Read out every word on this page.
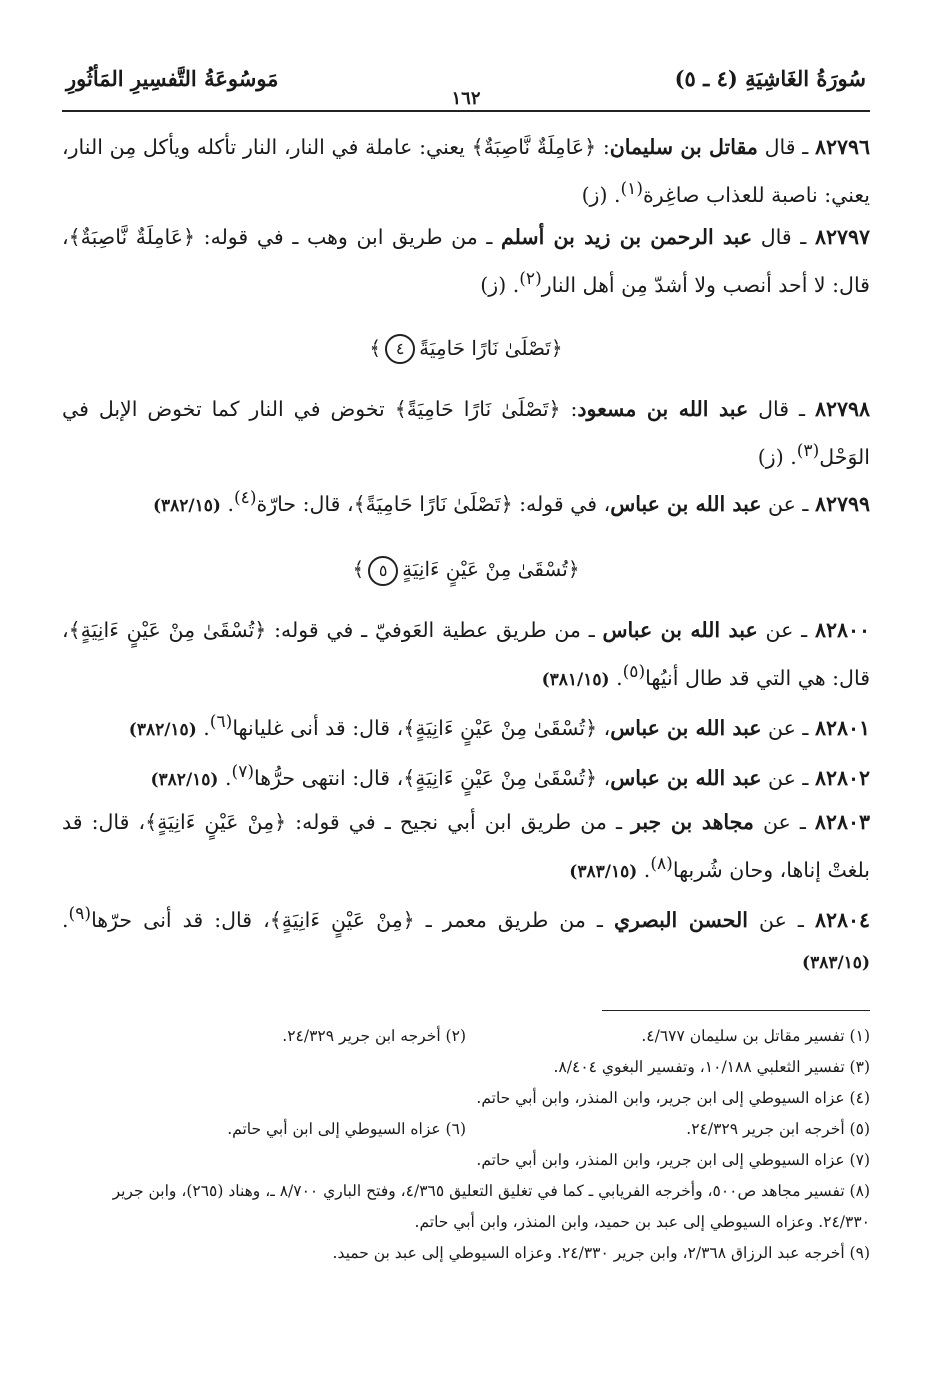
سُورَةُ الغَاشِيَةِ (٤ ـ ٥)
١٦٢
مَوسُوعَةُ التَّفسِيرِ المَأثُورِ

٨٢٧٩٦ ـ قال مقاتل بن سليمان: ﴿عَامِلَةٌ نَّاصِبَةٌ﴾ يعني: عاملة في النار، النار تأكله ويأكل مِن النار، يعني: ناصبة للعذاب صاغِرة$^{(١)}$. (ز)

٨٢٧٩٧ ـ قال عبد الرحمن بن زيد بن أسلم ـ من طريق ابن وهب ـ في قوله: ﴿عَامِلَةٌ نَّاصِبَةٌ﴾، قال: لا أحد أنصب ولا أشدّ مِن أهل النار$^{(٢)}$. (ز)

﴿تَصْلَىٰ نَارًا حَامِيَةً٤﴾

٨٢٧٩٨ ـ قال عبد الله بن مسعود: ﴿تَصْلَىٰ نَارًا حَامِيَةً﴾ تخوض في النار كما تخوض الإبل في الوَحْل$^{(٣)}$. (ز)

٨٢٧٩٩ ـ عن عبد الله بن عباس، في قوله: ﴿تَصْلَىٰ نَارًا حَامِيَةً﴾، قال: حارّة$^{(٤)}$. (٣٨٢/١٥)

﴿تُسْقَىٰ مِنْ عَيْنٍ ءَانِيَةٍ٥﴾

٨٢٨٠٠ ـ عن عبد الله بن عباس ـ من طريق عطية العَوفيّ ـ في قوله: ﴿تُسْقَىٰ مِنْ عَيْنٍ ءَانِيَةٍ﴾، قال: هي التي قد طال أنيُها$^{(٥)}$. (٣٨١/١٥)

٨٢٨٠١ ـ عن عبد الله بن عباس، ﴿تُسْقَىٰ مِنْ عَيْنٍ ءَانِيَةٍ﴾، قال: قد أنى غليانها$^{(٦)}$. (٣٨٢/١٥)

٨٢٨٠٢ ـ عن عبد الله بن عباس، ﴿تُسْقَىٰ مِنْ عَيْنٍ ءَانِيَةٍ﴾، قال: انتهى حرُّها$^{(٧)}$. (٣٨٢/١٥)

٨٢٨٠٣ ـ عن مجاهد بن جبر ـ من طريق ابن أبي نجيح ـ في قوله: ﴿مِنْ عَيْنٍ ءَانِيَةٍ﴾، قال: قد بلغتْ إناها، وحان شُربها$^{(٨)}$. (٣٨٣/١٥)

٨٢٨٠٤ ـ عن الحسن البصري ـ من طريق معمر ـ ﴿مِنْ عَيْنٍ ءَانِيَةٍ﴾، قال: قد أنى حرّها$^{(٩)}$. (٣٨٣/١٥)

(١) تفسير مقاتل بن سليمان ٤/٦٧٧.
(٢) أخرجه ابن جرير ٢٤/٣٢٩.
(٣) تفسير الثعلبي ١٠/١٨٨، وتفسير البغوي ٨/٤٠٤.
(٤) عزاه السيوطي إلى ابن جرير، وابن المنذر، وابن أبي حاتم.
(٥) أخرجه ابن جرير ٢٤/٣٢٩.
(٦) عزاه السيوطي إلى ابن أبي حاتم.
(٧) عزاه السيوطي إلى ابن جرير، وابن المنذر، وابن أبي حاتم.
(٨) تفسير مجاهد ص٥٠٠، وأخرجه الفريابي ـ كما في تغليق التعليق ٤/٣٦٥، وفتح الباري ٨/٧٠٠ ـ، وهناد (٢٦٥)، وابن جرير ٢٤/٣٣٠. وعزاه السيوطي إلى عبد بن حميد، وابن المنذر، وابن أبي حاتم.
(٩) أخرجه عبد الرزاق ٢/٣٦٨، وابن جرير ٢٤/٣٣٠. وعزاه السيوطي إلى عبد بن حميد.
